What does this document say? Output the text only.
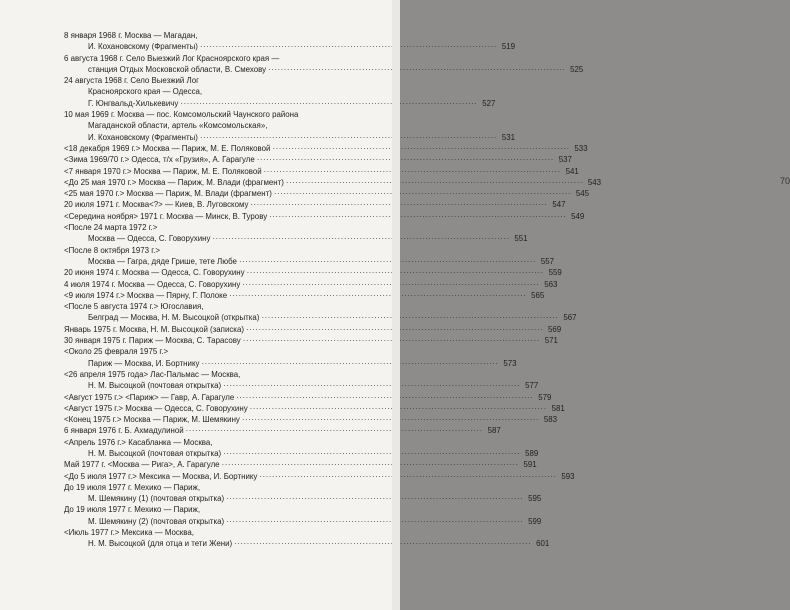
8 января 1968 г. Москва — Магадан,
И. Кохановскому (Фрагменты) ·····	519
6 августа 1968 г. Село Выезжий Лог Красноярского края —
станция Отдых Московской области, В. Смехову ·····	525
24 августа 1968 г. Село Выезжий Лог
Красноярского края — Одесса,
Г. Юнгвальд-Хилькевичу ·····	527
10 мая 1969 г. Москва — пос. Комсомольский Чаунского района
Магаданской области, артель «Комсомольская»,
И. Кохановскому (Фрагменты) ·····	531
<18 декабря 1969 г.> Москва — Париж, М. Е. Поляковой ·····	533
<Зима 1969/70 г.> Одесса, т/х «Грузия», А. Гарагуле ·····	537
<7 января 1970 г.> Москва — Париж, М. Е. Поляковой ·····	541
<До 25 мая 1970 г.> Москва — Париж, М. Влади (фрагмент) ·····	543
<25 мая 1970 г.> Москва — Париж, М. Влади (фрагмент) ·····	545
20 июля 1971 г. Москва<?> — Киев, В. Луговскому ·····	547
<Середина ноября> 1971 г. Москва — Минск, В. Турову ·····	549
<После 24 марта 1972 г.>
Москва — Одесса, С. Говорухину ·····	551
<После 8 октября 1973 г.>
Москва — Гагра, дяде Грише, тете Любе ·····	557
20 июня 1974 г. Москва — Одесса, С. Говорухину ·····	559
4 июля 1974 г. Москва — Одесса, С. Говорухину ·····	563
<9 июля 1974 г.> Москва — Пярну, Г. Полоке ·····	565
<После 5 августа 1974 г.> Югославия,
Белград — Москва, Н. М. Высоцкой (открытка) ·····	567
Январь 1975 г. Москва, Н. М. Высоцкой (записка) ·····	569
30 января 1975 г. Париж — Москва, С. Тарасову ·····	571
<Около 25 февраля 1975 г.>
Париж — Москва, И. Бортнику ·····	573
<26 апреля 1975 года> Лас-Пальмас — Москва,
Н. М. Высоцкой (почтовая открытка) ·····	577
<Август 1975 г.> <Париж> — Гавр, А. Гарагуле ·····	579
<Август 1975 г.> Москва — Одесса, С. Говорухину ·····	581
<Конец 1975 г.> Москва — Париж, М. Шемякину ·····	583
6 января 1976 г. Б. Ахмадулиной ·····	587
<Апрель 1976 г.> Касабланка — Москва,
Н. М. Высоцкой (почтовая открытка) ·····	589
Май 1977 г. <Москва — Рига>, А. Гарагуле ·····	591
<До 5 июля 1977 г.> Мексика — Москва, И. Бортнику ·····	593
До 19 июля 1977 г. Мехико — Париж,
М. Шемякину (1) (почтовая открытка) ·····	595
До 19 июля 1977 г. Мехико — Париж,
М. Шемякину (2) (почтовая открытка) ·····	599
<Июль 1977 г.> Мексика — Москва,
Н. М. Высоцкой (для отца и тети Жени) ·····	601
70
